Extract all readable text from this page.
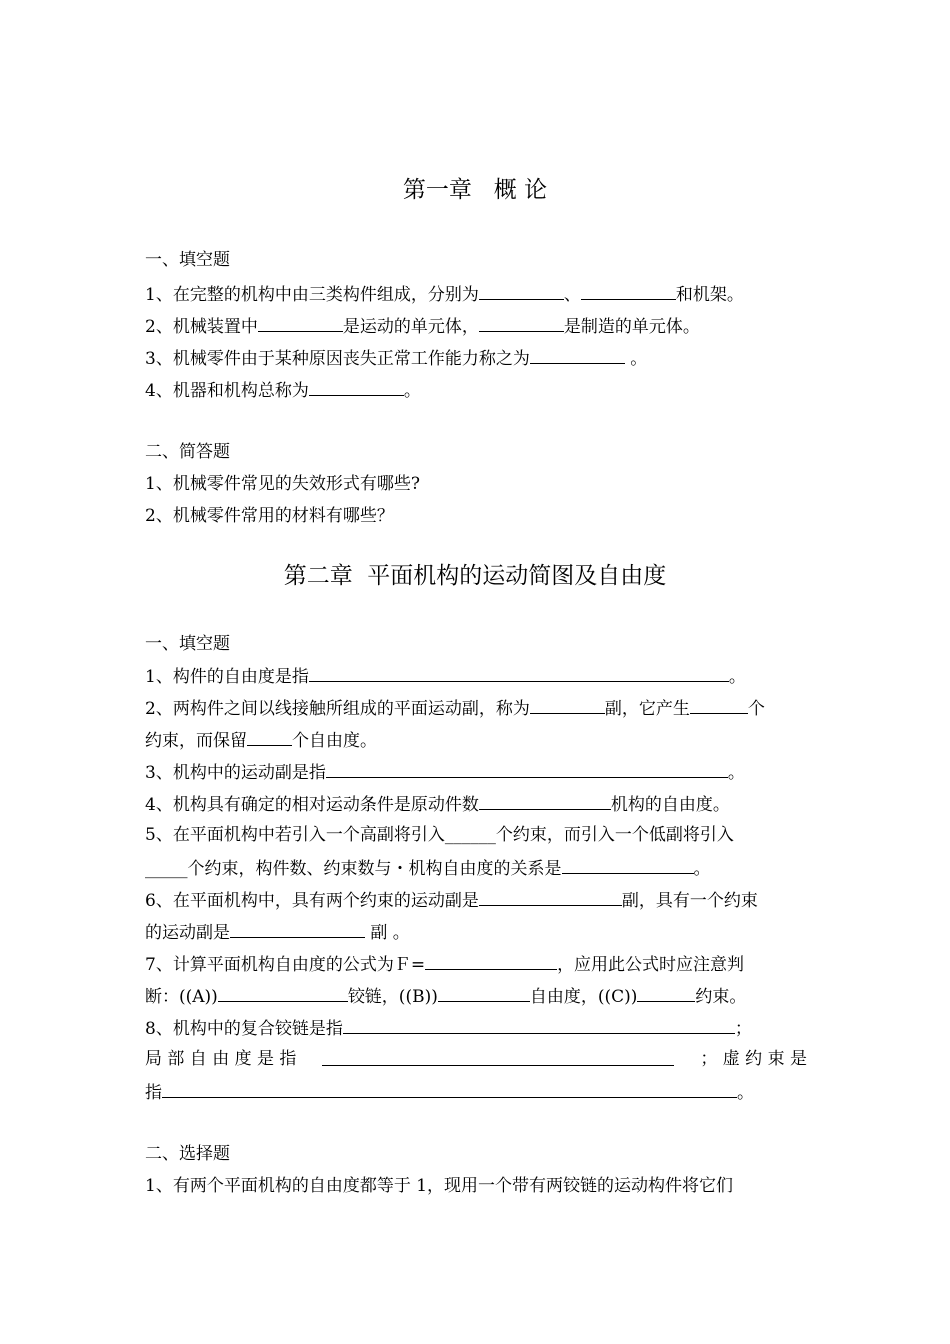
第一章   概 论
一、填空题
1、在完整的机构中由三类构件组成，分别为	、	和机架。
2、机械装置中	是运动的单元体，	是制造的单元体。
3、机械零件由于某种原因丧失正常工作能力称之为	。
4、机器和机构总称为	。
二、简答题
1、机械零件常见的失效形式有哪些?
2、机械零件常用的材料有哪些？
第二章  平面机构的运动简图及自由度
一、填空题
1、构件的自由度是指	。
2、两构件之间以线接触所组成的平面运动副，称为	副，它产生	个
约束，而保留	个自由度。
3、机构中的运动副是指	。
4、机构具有确定的相对运动条件是原动件数	机构的自由度。
5、在平面机构中若引入一个高副将引入______个约束，而引入一个低副将引入
_____个约束，构件数、约束数与・机构自由度的关系是	。
6、在平面机构中，具有两个约束的运动副是	副，具有一个约束
的运动副是	副 。
7、计算平面机构自由度的公式为Ｆ=	，应用此公式时应注意判
断：((A))	铰链，((B))	自由度，((C))	约束。
8、机构中的复合铰链是指	；
局 部 自 由 度 是 指	； 虚 约 束 是
指	。
二、选择题
1、有两个平面机构的自由度都等于 1，现用一个带有两铰链的运动构件将它们
